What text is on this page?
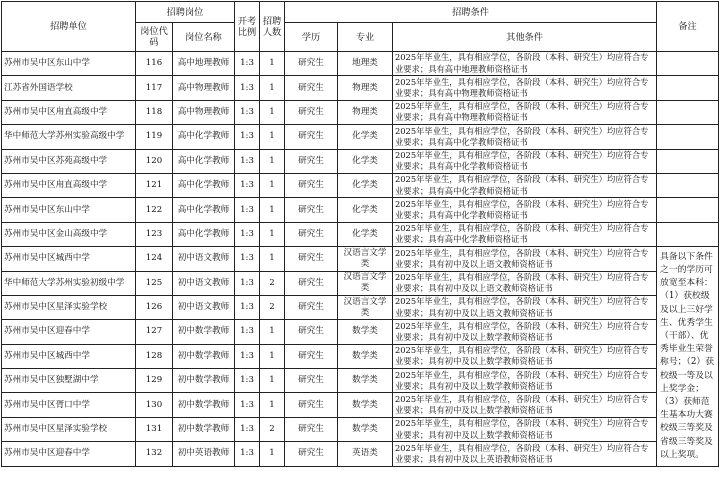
招聘单位	招聘岗位		开考比例	招聘人数	招聘条件			备注
	岗位代码	岗位名称			学历	专业	其他条件	
苏州市吴中区东山中学	116	高中地理教师	1:3	1	研究生	地理类	2025年毕业生，具有相应学位，各阶段（本科、研究生）均应符合专业要求；具有高中地理教师资格证书	
江苏省外国语学校	117	高中物理教师	1:3	1	研究生	物理类	2025年毕业生，具有相应学位，各阶段（本科、研究生）均应符合专业要求；具有高中物理教师资格证书	
苏州市吴中区甪直高级中学	118	高中物理教师	1:3	1	研究生	物理类	2025年毕业生，具有相应学位，各阶段（本科、研究生）均应符合专业要求；具有高中物理教师资格证书	
华中师范大学苏州实验高级中学	119	高中化学教师	1:3	1	研究生	化学类	2025年毕业生，具有相应学位，各阶段（本科、研究生）均应符合专业要求；具有高中化学教师资格证书	
苏州市吴中区苏苑高级中学	120	高中化学教师	1:3	1	研究生	化学类	2025年毕业生，具有相应学位，各阶段（本科、研究生）均应符合专业要求；具有高中化学教师资格证书	
苏州市吴中区甪直高级中学	121	高中化学教师	1:3	1	研究生	化学类	2025年毕业生，具有相应学位，各阶段（本科、研究生）均应符合专业要求；具有高中化学教师资格证书	
苏州市吴中区东山中学	122	高中化学教师	1:3	1	研究生	化学类	2025年毕业生，具有相应学位，各阶段（本科、研究生）均应符合专业要求；具有高中化学教师资格证书	
苏州市吴中区金山高级中学	123	高中化学教师	1:3	1	研究生	化学类	2025年毕业生，具有相应学位，各阶段（本科、研究生）均应符合专业要求；具有高中化学教师资格证书	
苏州市吴中区城西中学	124	初中语文教师	1:3	1	研究生	汉语言文学类	2025年毕业生，具有相应学位，各阶段（本科、研究生）均应符合专业要求；具有初中及以上语文教师资格证书	具备以下条件之一的学历可放宽至本科：（1）获校级及以上三好学生、优秀学生（干部）、优秀毕业生荣誉称号；（2）获校级一等及以上奖学金；（3）获师范生基本功大赛校级三等奖及省级三等奖及以上奖项。
华中师范大学苏州实验初级中学	125	初中语文教师	1:3	2	研究生	汉语言文学类	2025年毕业生，具有相应学位，各阶段（本科、研究生）均应符合专业要求；具有初中及以上语文教师资格证书	
苏州市吴中区星泽实验学校	126	初中语文教师	1:3	2	研究生	汉语言文学类	2025年毕业生，具有相应学位，各阶段（本科、研究生）均应符合专业要求；具有初中及以上语文教师资格证书	
苏州市吴中区迎春中学	127	初中数学教师	1:3	1	研究生	数学类	2025年毕业生，具有相应学位，各阶段（本科、研究生）均应符合专业要求；具有初中及以上数学教师资格证书	
苏州市吴中区城西中学	128	初中数学教师	1:3	1	研究生	数学类	2025年毕业生，具有相应学位，各阶段（本科、研究生）均应符合专业要求；具有初中及以上数学教师资格证书	
苏州市吴中区独墅湖中学	129	初中数学教师	1:3	1	研究生	数学类	2025年毕业生，具有相应学位，各阶段（本科、研究生）均应符合专业要求；具有初中及以上数学教师资格证书	
苏州市吴中区胥口中学	130	初中数学教师	1:3	1	研究生	数学类	2025年毕业生，具有相应学位，各阶段（本科、研究生）均应符合专业要求；具有初中及以上数学教师资格证书	
苏州市吴中区星泽实验学校	131	初中数学教师	1:3	2	研究生	数学类	2025年毕业生，具有相应学位，各阶段（本科、研究生）均应符合专业要求；具有初中及以上数学教师资格证书	
苏州市吴中区迎春中学	132	初中英语教师	1:3	1	研究生	英语类	2025年毕业生，具有相应学位，各阶段（本科、研究生）均应符合专业要求；具有初中及以上英语教师资格证书	
